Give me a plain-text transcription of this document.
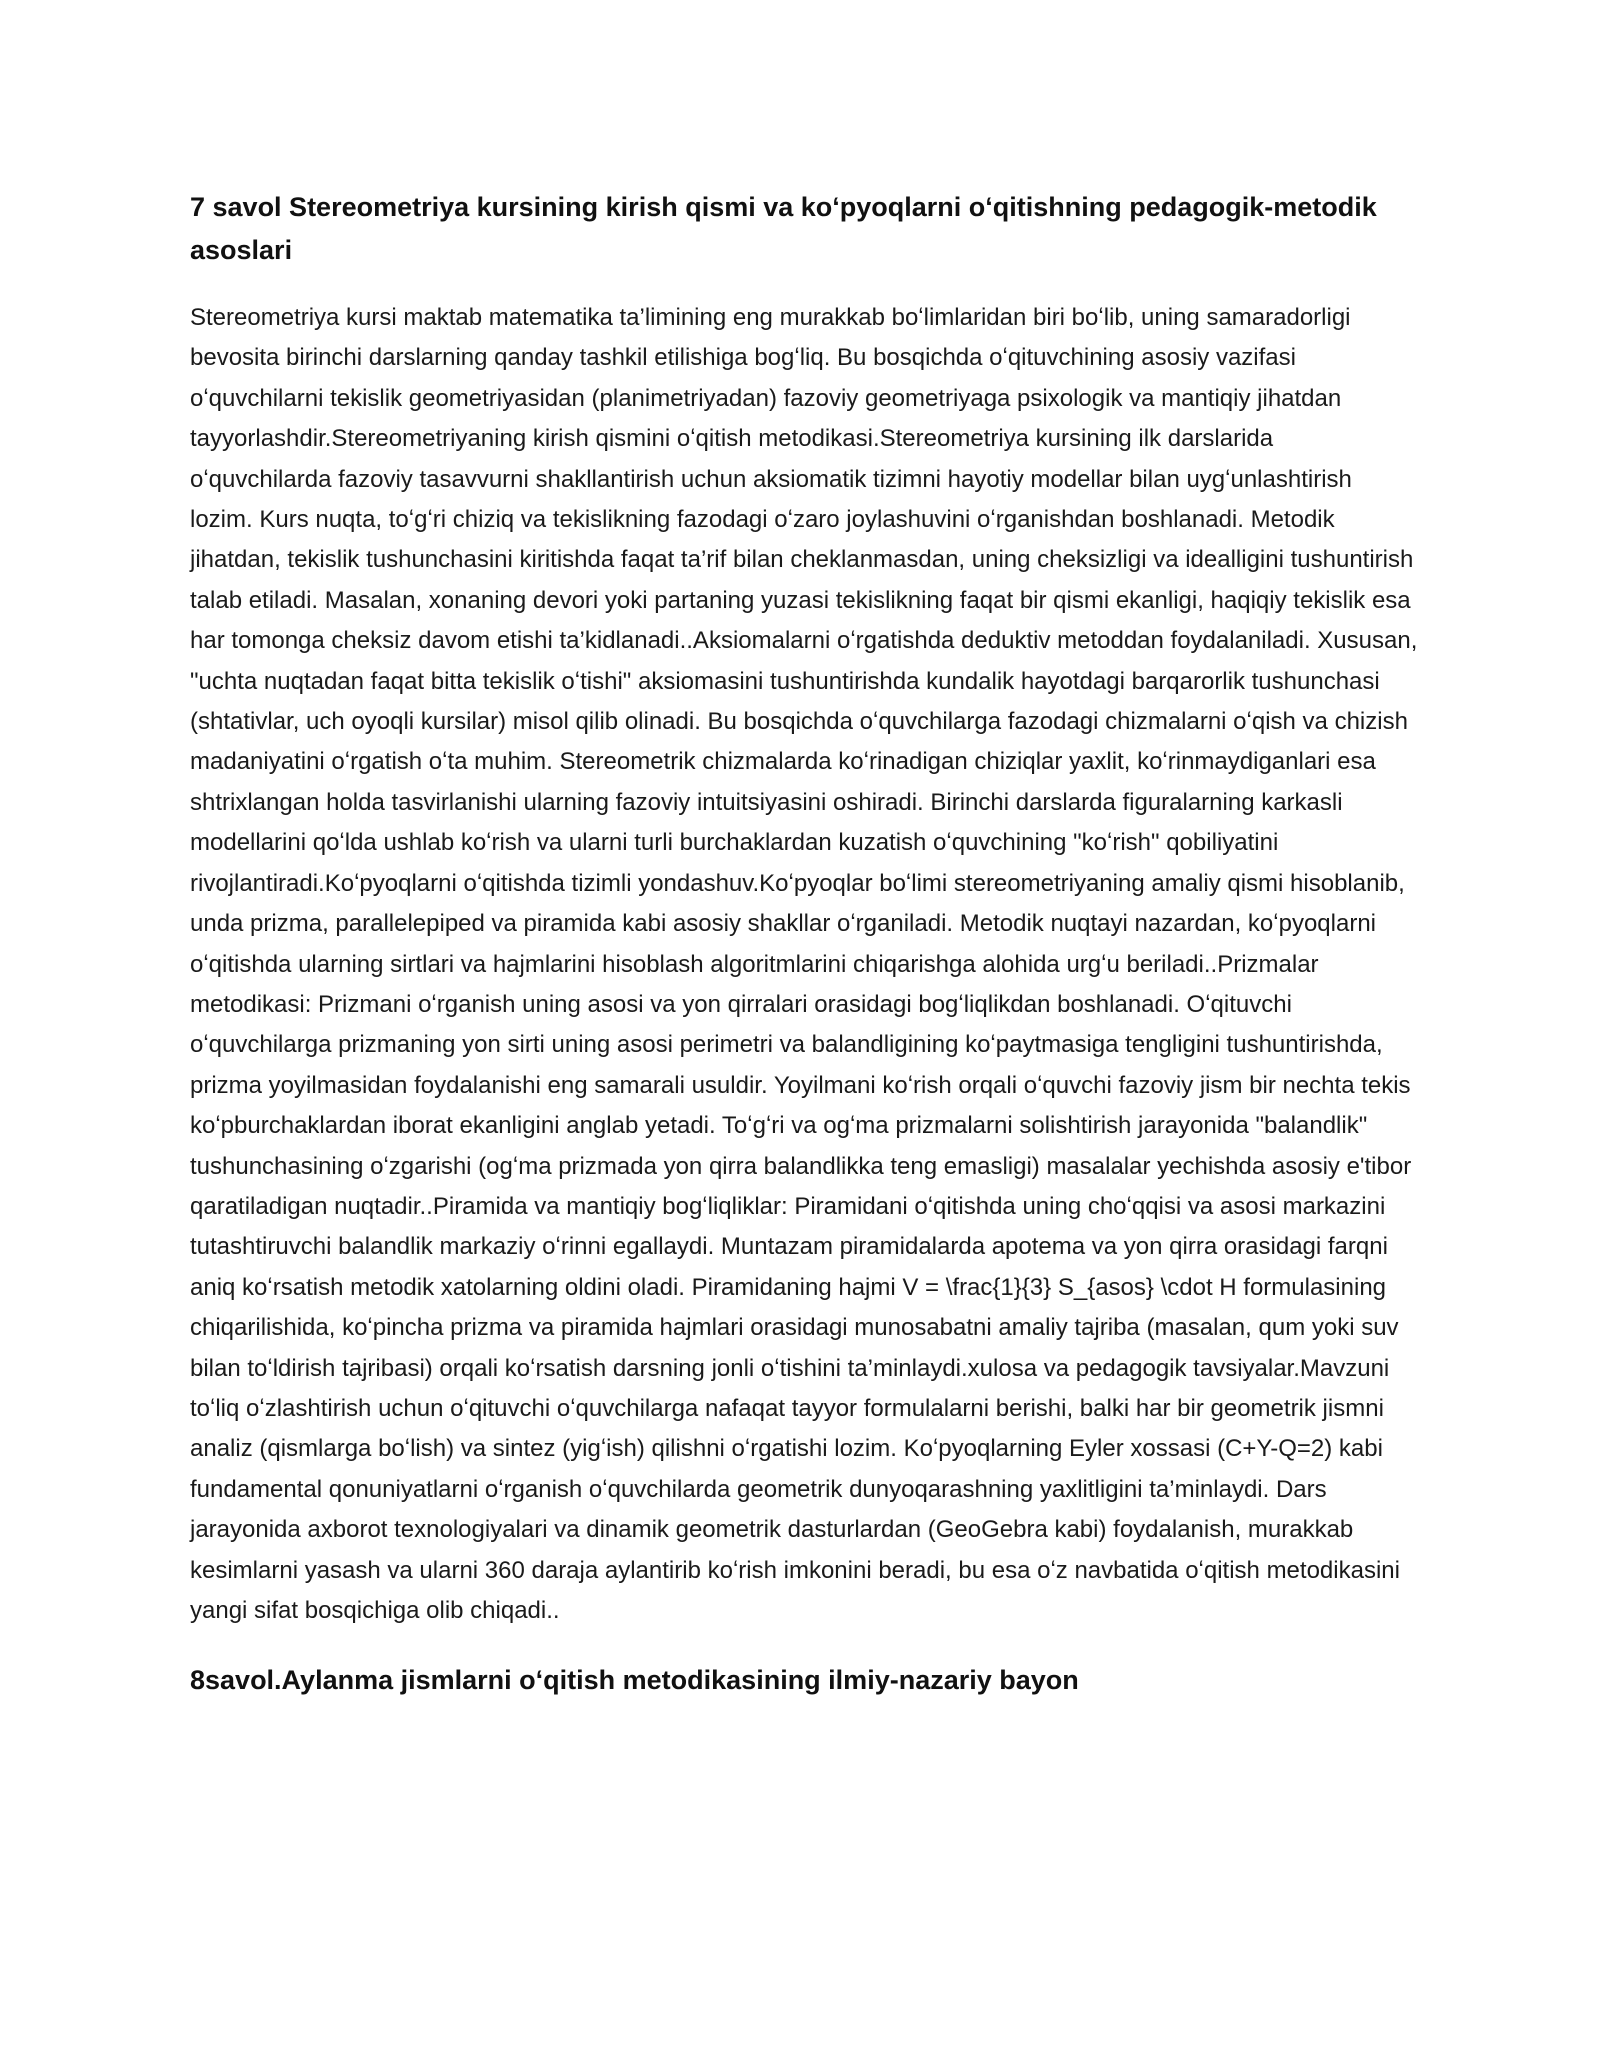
7 savol Stereometriya kursining kirish qismi va koʻpyoqlarni oʻqitishning pedagogik-metodik asoslari

Stereometriya kursi maktab matematika ta’limining eng murakkab boʻlimlaridan biri boʻlib, uning samaradorligi bevosita birinchi darslarning qanday tashkil etilishiga bogʻliq. Bu bosqichda oʻqituvchining asosiy vazifasi oʻquvchilarni tekislik geometriyasidan (planimetriyadan) fazoviy geometriyaga psixologik va mantiqiy jihatdan tayyorlashdir.Stereometriyaning kirish qismini oʻqitish metodikasi.Stereometriya kursining ilk darslarida oʻquvchilarda fazoviy tasavvurni shakllantirish uchun aksiomatik tizimni hayotiy modellar bilan uygʻunlashtirish lozim. Kurs nuqta, toʻgʻri chiziq va tekislikning fazodagi oʻzaro joylashuvini oʻrganishdan boshlanadi. Metodik jihatdan, tekislik tushunchasini kiritishda faqat ta’rif bilan cheklanmasdan, uning cheksizligi va idealligini tushuntirish talab etiladi. Masalan, xonaning devori yoki partaning yuzasi tekislikning faqat bir qismi ekanligi, haqiqiy tekislik esa har tomonga cheksiz davom etishi ta’kidlanadi..Aksiomalarni oʻrgatishda deduktiv metoddan foydalaniladi. Xususan, "uchta nuqtadan faqat bitta tekislik oʻtishi" aksiomasini tushuntirishda kundalik hayotdagi barqarorlik tushunchasi (shtativlar, uch oyoqli kursilar) misol qilib olinadi. Bu bosqichda oʻquvchilarga fazodagi chizmalarni oʻqish va chizish madaniyatini oʻrgatish oʻta muhim. Stereometrik chizmalarda koʻrinadigan chiziqlar yaxlit, koʻrinmaydiganlari esa shtrixlangan holda tasvirlanishi ularning fazoviy intuitsiyasini oshiradi. Birinchi darslarda figuralarning karkasli modellarini qoʻlda ushlab koʻrish va ularni turli burchaklardan kuzatish oʻquvchining "koʻrish" qobiliyatini rivojlantiradi.Koʻpyoqlarni oʻqitishda tizimli yondashuv.Koʻpyoqlar boʻlimi stereometriyaning amaliy qismi hisoblanib, unda prizma, parallelepiped va piramida kabi asosiy shakllar oʻrganiladi. Metodik nuqtayi nazardan, koʻpyoqlarni oʻqitishda ularning sirtlari va hajmlarini hisoblash algoritmlarini chiqarishga alohida urgʻu beriladi..Prizmalar metodikasi: Prizmani oʻrganish uning asosi va yon qirralari orasidagi bogʻliqlikdan boshlanadi. Oʻqituvchi oʻquvchilarga prizmaning yon sirti uning asosi perimetri va balandligining koʻpaytmasiga tengligini tushuntirishda, prizma yoyilmasidan foydalanishi eng samarali usuldir. Yoyilmani koʻrish orqali oʻquvchi fazoviy jism bir nechta tekis koʻpburchaklardan iborat ekanligini anglab yetadi. Toʻgʻri va ogʻma prizmalarni solishtirish jarayonida "balandlik" tushunchasining oʻzgarishi (ogʻma prizmada yon qirra balandlikka teng emasligi) masalalar yechishda asosiy e'tibor qaratiladigan nuqtadir..Piramida va mantiqiy bogʻliqliklar: Piramidani oʻqitishda uning choʻqqisi va asosi markazini tutashtiruvchi balandlik markaziy oʻrinni egallaydi. Muntazam piramidalarda apotema va yon qirra orasidagi farqni aniq koʻrsatish metodik xatolarning oldini oladi. Piramidaning hajmi V = \frac{1}{3} S_{asos} \cdot H formulasining chiqarilishida, koʻpincha prizma va piramida hajmlari orasidagi munosabatni amaliy tajriba (masalan, qum yoki suv bilan toʻldirish tajribasi) orqali koʻrsatish darsning jonli oʻtishini ta’minlaydi.xulosa va pedagogik tavsiyalar.Mavzuni toʻliq oʻzlashtirish uchun oʻqituvchi oʻquvchilarga nafaqat tayyor formulalarni berishi, balki har bir geometrik jismni analiz (qismlarga boʻlish) va sintez (yigʻish) qilishni oʻrgatishi lozim. Koʻpyoqlarning Eyler xossasi (C+Y-Q=2) kabi fundamental qonuniyatlarni oʻrganish oʻquvchilarda geometrik dunyoqarashning yaxlitligini ta’minlaydi. Dars jarayonida axborot texnologiyalari va dinamik geometrik dasturlardan (GeoGebra kabi) foydalanish, murakkab kesimlarni yasash va ularni 360 daraja aylantirib koʻrish imkonini beradi, bu esa oʻz navbatida oʻqitish metodikasini yangi sifat bosqichiga olib chiqadi..

8savol.Aylanma jismlarni oʻqitish metodikasining ilmiy-nazariy bayon
